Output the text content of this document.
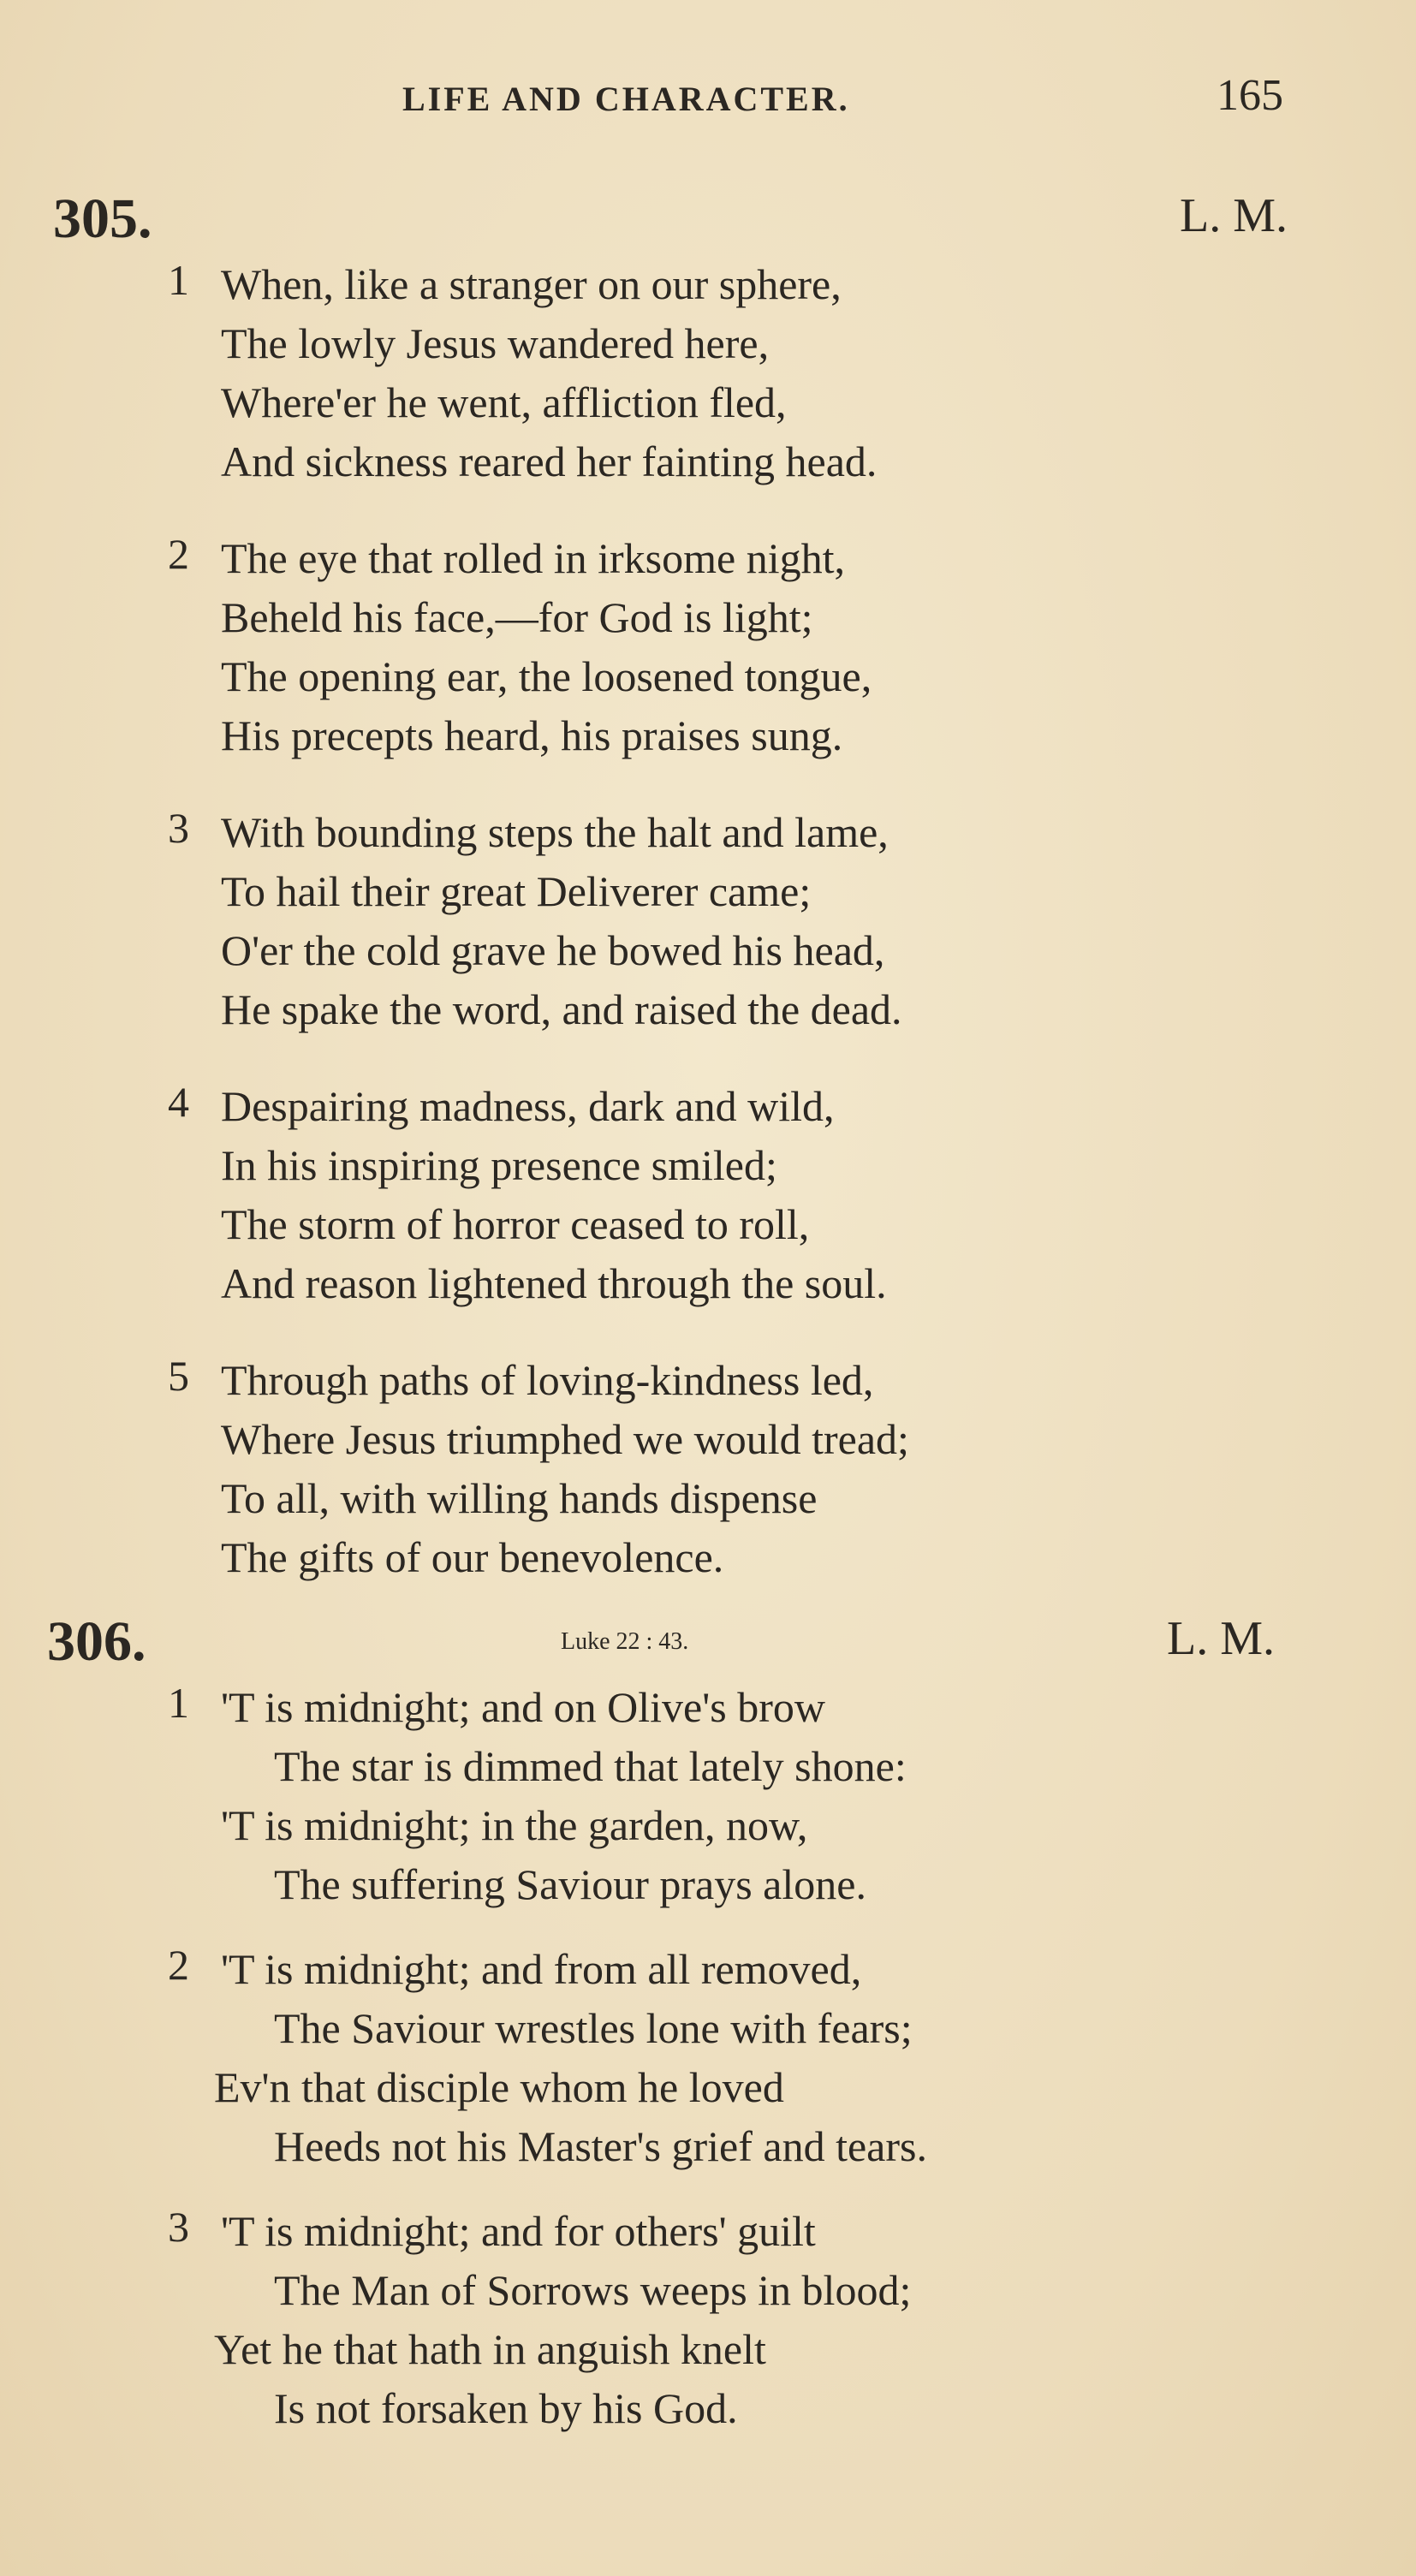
LIFE AND CHARACTER.	165
305.	L. M.
1 When, like a stranger on our sphere,
The lowly Jesus wandered here,
Where'er he went, affliction fled,
And sickness reared her fainting head.
2 The eye that rolled in irksome night,
Beheld his face,—for God is light;
The opening ear, the loosened tongue,
His precepts heard, his praises sung.
3 With bounding steps the halt and lame,
To hail their great Deliverer came;
O'er the cold grave he bowed his head,
He spake the word, and raised the dead.
4 Despairing madness, dark and wild,
In his inspiring presence smiled;
The storm of horror ceased to roll,
And reason lightened through the soul.
5 Through paths of loving-kindness led,
Where Jesus triumphed we would tread;
To all, with willing hands dispense
The gifts of our benevolence.
306.	Luke 22 : 43.	L. M.
1 'T is midnight; and on Olive's brow
The star is dimmed that lately shone:
'T is midnight; in the garden, now,
The suffering Saviour prays alone.
2 'T is midnight; and from all removed,
The Saviour wrestles lone with fears;
Ev'n that disciple whom he loved
Heeds not his Master's grief and tears.
3 'T is midnight; and for others' guilt
The Man of Sorrows weeps in blood;
Yet he that hath in anguish knelt
Is not forsaken by his God.
